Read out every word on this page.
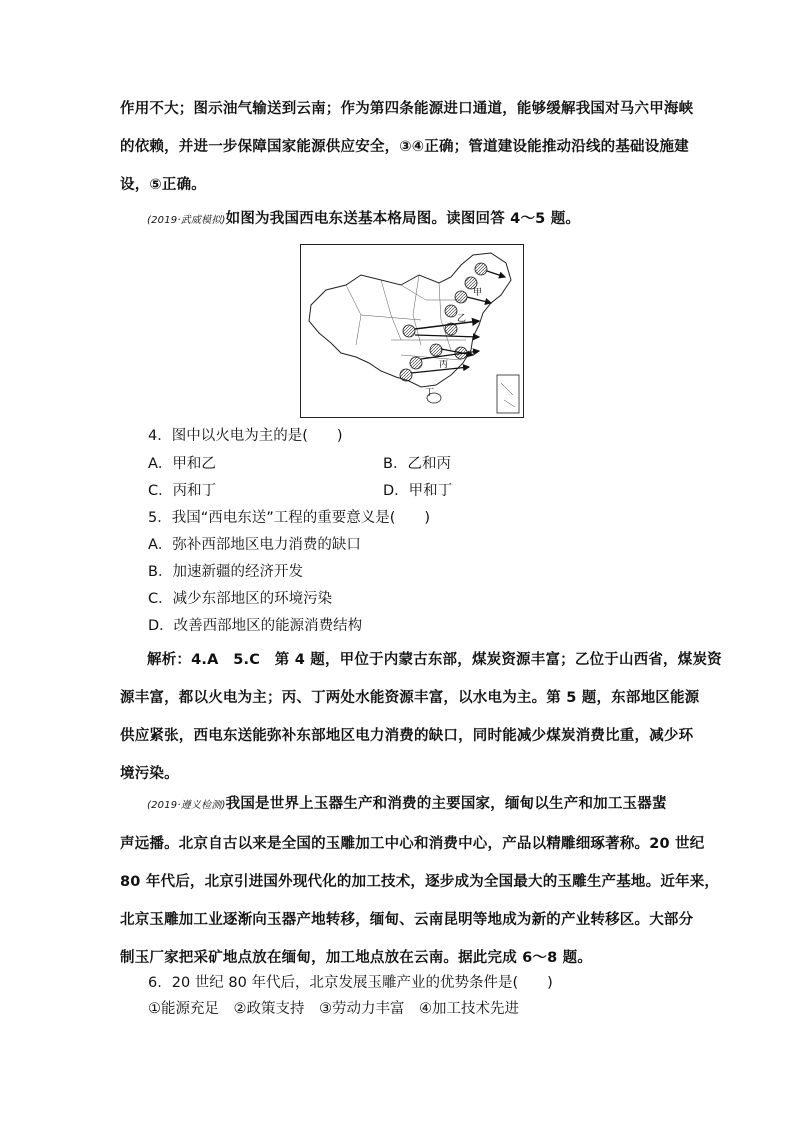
作用不大；图示油气输送到云南；作为第四条能源进口通道，能够缓解我国对马六甲海峡
的依赖，并进一步保障国家能源供应安全，③④正确；管道建设能推动沿线的基础设施建
设，⑤正确。
(2019·武威模拟)如图为我国西电东送基本格局图。读图回答 4～5 题。
甲
乙
丙
丁
4．图中以火电为主的是(　　)
A．甲和乙	B．乙和丙
C．丙和丁	D．甲和丁
5．我国“西电东送”工程的重要意义是(　　)
A．弥补西部地区电力消费的缺口
B．加速新疆的经济开发
C．减少东部地区的环境污染
D．改善西部地区的能源消费结构
解析：4.A　5.C　第 4 题，甲位于内蒙古东部，煤炭资源丰富；乙位于山西省，煤炭资
源丰富，都以火电为主；丙、丁两处水能资源丰富，以水电为主。第 5 题，东部地区能源
供应紧张，西电东送能弥补东部地区电力消费的缺口，同时能减少煤炭消费比重，减少环
境污染。
(2019·遵义检测)我国是世界上玉器生产和消费的主要国家，缅甸以生产和加工玉器蜚
声远播。北京自古以来是全国的玉雕加工中心和消费中心，产品以精雕细琢著称。20 世纪
80 年代后，北京引进国外现代化的加工技术，逐步成为全国最大的玉雕生产基地。近年来，
北京玉雕加工业逐渐向玉器产地转移，缅甸、云南昆明等地成为新的产业转移区。大部分
制玉厂家把采矿地点放在缅甸，加工地点放在云南。据此完成 6～8 题。
6．20 世纪 80 年代后，北京发展玉雕产业的优势条件是(　　)
①能源充足　②政策支持　③劳动力丰富　④加工技术先进
